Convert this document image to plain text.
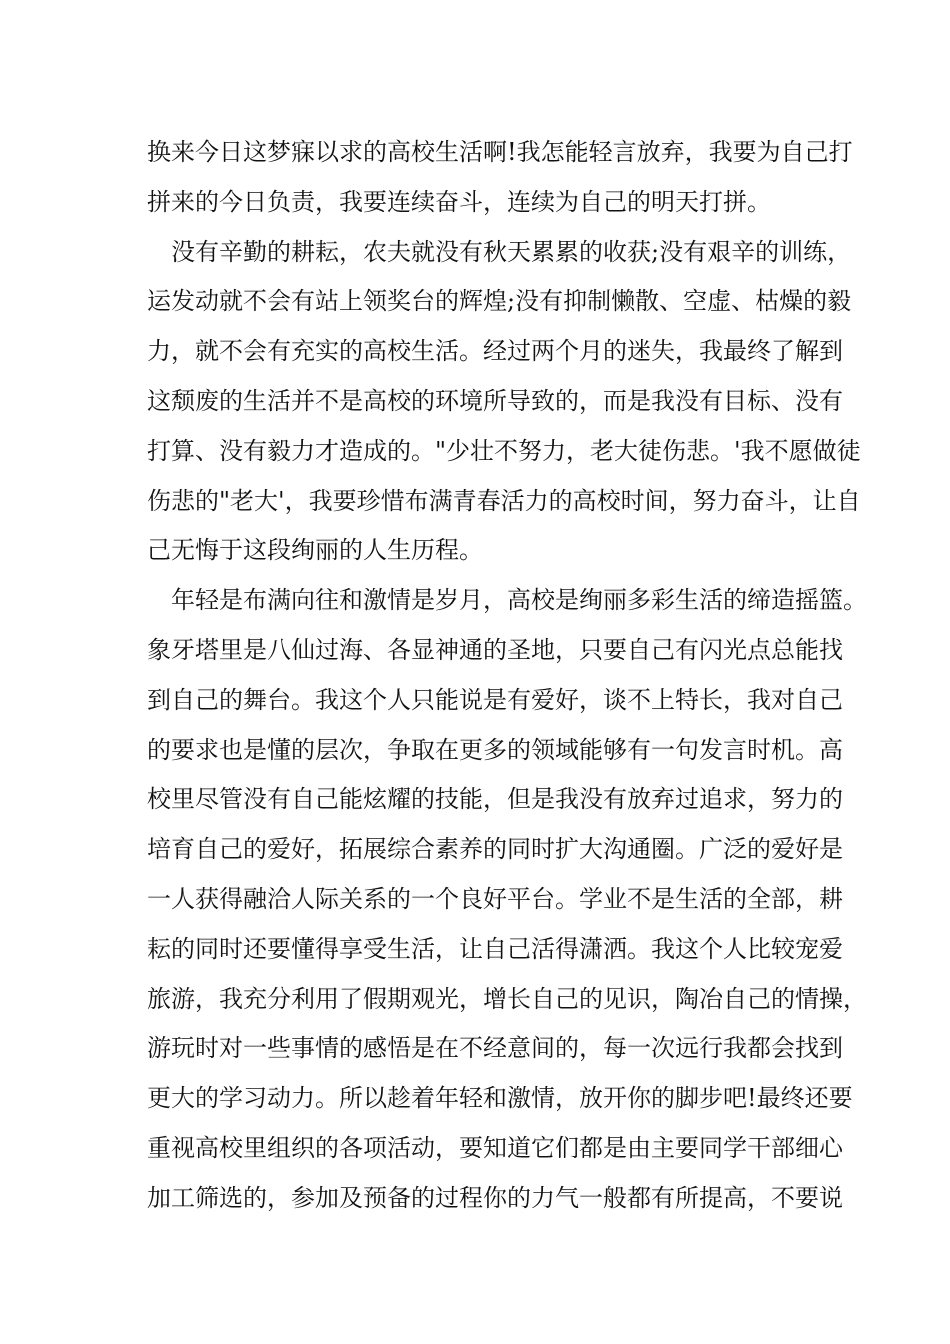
换来今日这梦寐以求的高校生活啊!我怎能轻言放弃，我要为自己打
拼来的今日负责，我要连续奋斗，连续为自己的明天打拼。
没有辛勤的耕耘，农夫就没有秋天累累的收获;没有艰辛的训练，
运发动就不会有站上领奖台的辉煌;没有抑制懒散、空虚、枯燥的毅
力，就不会有充实的高校生活。经过两个月的迷失，我最终了解到
这颓废的生活并不是高校的环境所导致的，而是我没有目标、没有
打算、没有毅力才造成的。"少壮不努力，老大徒伤悲。'我不愿做徒
伤悲的"老大'，我要珍惜布满青春活力的高校时间，努力奋斗，让自
己无悔于这段绚丽的人生历程。
年轻是布满向往和激情是岁月，高校是绚丽多彩生活的缔造摇篮。
象牙塔里是八仙过海、各显神通的圣地，只要自己有闪光点总能找
到自己的舞台。我这个人只能说是有爱好，谈不上特长，我对自己
的要求也是懂的层次，争取在更多的领域能够有一句发言时机。高
校里尽管没有自己能炫耀的技能，但是我没有放弃过追求，努力的
培育自己的爱好，拓展综合素养的同时扩大沟通圈。广泛的爱好是
一人获得融洽人际关系的一个良好平台。学业不是生活的全部，耕
耘的同时还要懂得享受生活，让自己活得潇洒。我这个人比较宠爱
旅游，我充分利用了假期观光，增长自己的见识，陶冶自己的情操，
游玩时对一些事情的感悟是在不经意间的，每一次远行我都会找到
更大的学习动力。所以趁着年轻和激情，放开你的脚步吧!最终还要
重视高校里组织的各项活动，要知道它们都是由主要同学干部细心
加工筛选的，参加及预备的过程你的力气一般都有所提高，不要说
